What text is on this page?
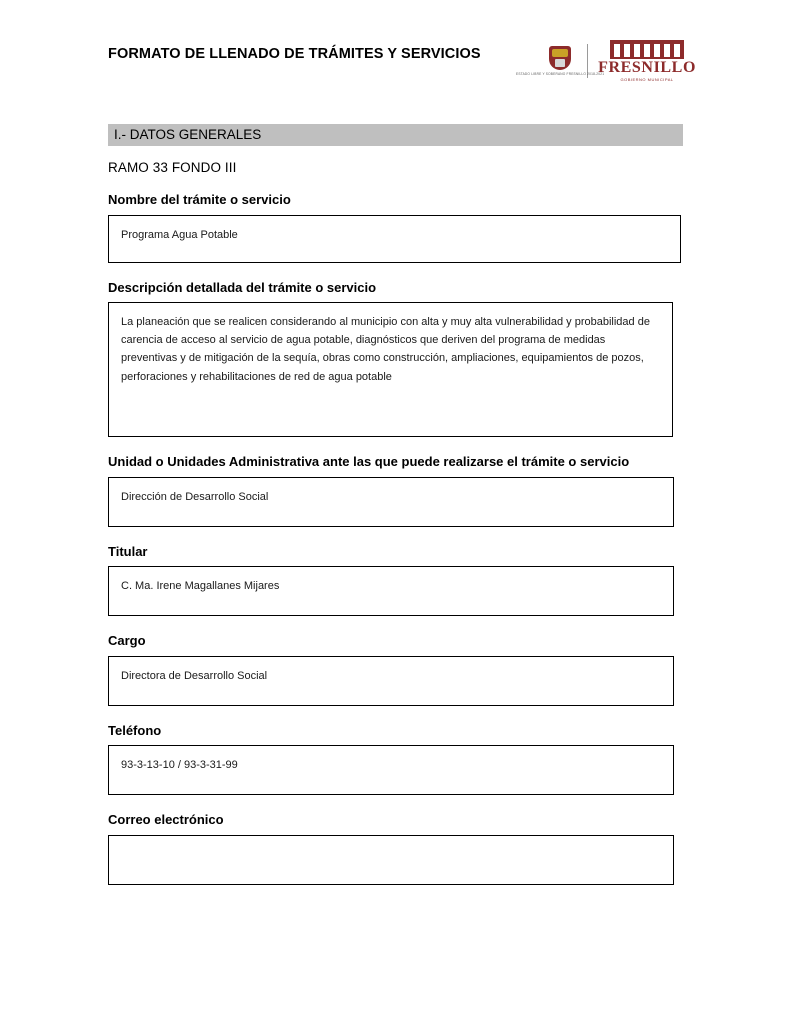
FORMATO DE LLENADO DE TRÁMITES Y SERVICIOS
ESTADO LIBRE Y SOBERANO FRESNILLO 2018-2021
FRESNILLO
GOBIERNO MUNICIPAL
I.- DATOS GENERALES
RAMO 33 FONDO III
Nombre del trámite o servicio
Programa Agua Potable
Descripción detallada del trámite o servicio
La planeación que se realicen considerando al municipio con alta y muy alta vulnerabilidad y probabilidad de carencia de acceso al servicio de agua potable, diagnósticos que deriven del programa de medidas preventivas y de mitigación de la sequía, obras como construcción, ampliaciones, equipamientos de pozos, perforaciones y rehabilitaciones de red de agua potable
Unidad o Unidades Administrativa ante las que puede realizarse el trámite o servicio
Dirección de Desarrollo Social
Titular
C. Ma. Irene Magallanes Mijares
Cargo
Directora de Desarrollo Social
Teléfono
93-3-13-10 / 93-3-31-99
Correo electrónico
